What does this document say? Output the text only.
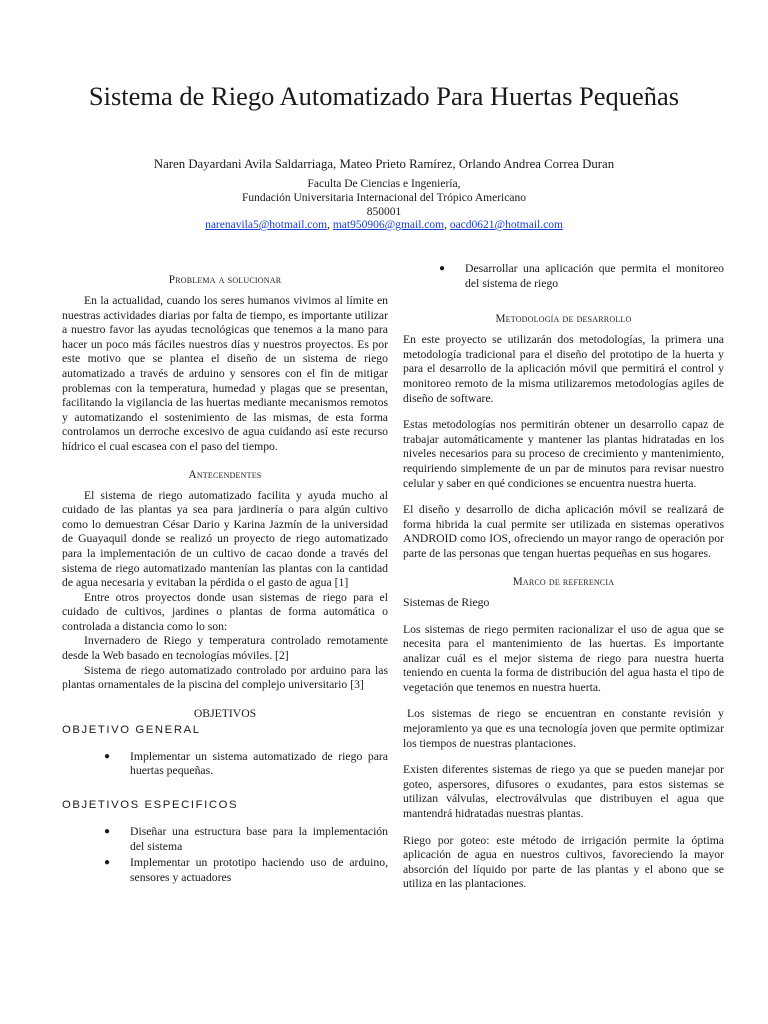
Sistema de Riego Automatizado Para Huertas Pequeñas
Naren Dayardani Avila Saldarriaga, Mateo Prieto Ramírez, Orlando Andrea Correa Duran
Faculta De Ciencias e Ingeniería,
Fundación Universitaria Internacional del Trópico Americano
850001
narenavila5@hotmail.com, mat950906@gmail.com, oacd0621@hotmail.com
Problema a solucionar

En la actualidad, cuando los seres humanos vivimos al límite en nuestras actividades diarias por falta de tiempo, es importante utilizar a nuestro favor las ayudas tecnológicas que tenemos a la mano para hacer un poco más fáciles nuestros días y nuestros proyectos. Es por este motivo que se plantea el diseño de un sistema de riego automatizado a través de arduino y sensores con el fin de mitigar problemas con la temperatura, humedad y plagas que se presentan, facilitando la vigilancia de las huertas mediante mecanismos remotos y automatizando el sostenimiento de las mismas, de esta forma controlamos un derroche excesivo de agua cuidando así este recurso hídrico el cual escasea con el paso del tiempo.

Antecendentes

El sistema de riego automatizado facilita y ayuda mucho al cuidado de las plantas ya sea para jardinería o para algún cultivo como lo demuestran César Dario y Karina Jazmín de la universidad de Guayaquil donde se realizó un proyecto de riego automatizado para la implementación de un cultivo de cacao donde a través del sistema de riego automatizado mantenían las plantas con la cantidad de agua necesaria y evitaban la pérdida o el gasto de agua [1]

Entre otros proyectos donde usan sistemas de riego para el cuidado de cultivos, jardines o plantas de forma automática o controlada a distancia como lo son:

Invernadero de Riego y temperatura controlado remotamente desde la Web basado en tecnologías móviles. [2]

Sistema de riego automatizado controlado por arduino para las plantas ornamentales de la piscina del complejo universitario [3]

OBJETIVOS
OBJETIVO GENERAL
● Implementar un sistema automatizado de riego para huertas pequeñas.
OBJETIVOS ESPECIFICOS
● Diseñar una estructura base para la implementación del sistema
● Implementar un prototipo haciendo uso de arduino, sensores y actuadores
● Desarrollar una aplicación que permita el monitoreo del sistema de riego
Metodología de desarrollo

En este proyecto se utilizarán dos metodologías, la primera una metodología tradicional para el diseño del prototipo de la huerta y para el desarrollo de la aplicación móvil que permitirá el control y monitoreo remoto de la misma utilizaremos metodologías agiles de diseño de software.

Estas metodologías nos permitirán obtener un desarrollo capaz de trabajar automáticamente y mantener las plantas hidratadas en los niveles necesarios para su proceso de crecimiento y mantenimiento, requiriendo simplemente de un par de minutos para revisar nuestro celular y saber en qué condiciones se encuentra nuestra huerta.

El diseño y desarrollo de dicha aplicación móvil se realizará de forma hibrida la cual permite ser utilizada en sistemas operativos ANDROID como IOS, ofreciendo un mayor rango de operación por parte de las personas que tengan huertas pequeñas en sus hogares.

Marco de referencia
Sistemas de Riego

Los sistemas de riego permiten racionalizar el uso de agua que se necesita para el mantenimiento de las huertas. Es importante analizar cuál es el mejor sistema de riego para nuestra huerta teniendo en cuenta la forma de distribución del agua hasta el tipo de vegetación que tenemos en nuestra huerta.

Los sistemas de riego se encuentran en constante revisión y mejoramiento ya que es una tecnología joven que permite optimizar los tiempos de nuestras plantaciones.

Existen diferentes sistemas de riego ya que se pueden manejar por goteo, aspersores, difusores o exudantes, para estos sistemas se utilizan válvulas, electroválvulas que distribuyen el agua que mantendrá hidratadas nuestras plantas.

Riego por goteo: este método de irrigación permite la óptima aplicación de agua en nuestros cultivos, favoreciendo la mayor absorción del líquido por parte de las plantas y el abono que se utiliza en las plantaciones.
